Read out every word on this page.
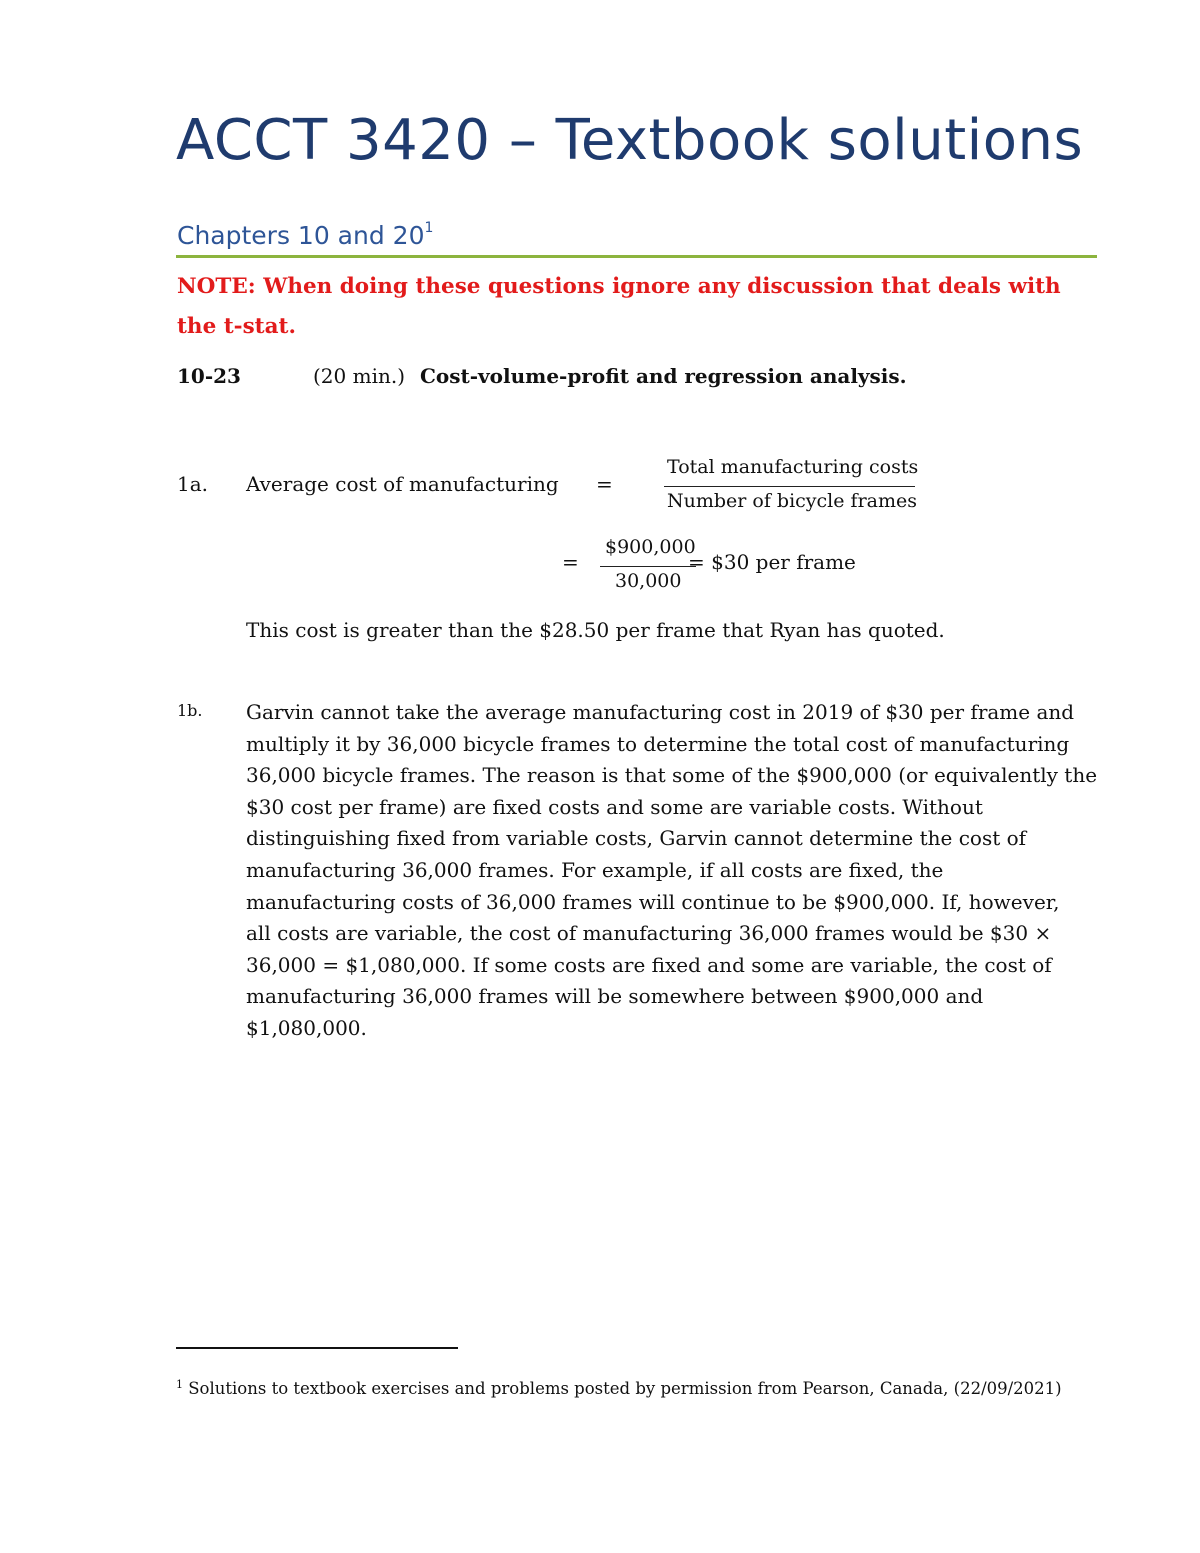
ACCT 3420 – Textbook solutions
Chapters 10 and $20^1$
NOTE: When doing these questions ignore any discussion that deals with the t-stat.
10-23	(20 min.) Cost-volume-profit and regression analysis.
1a. Average cost of manufacturing =
Total manufacturing costs
Number of bicycle frames
=
$900,000
30,000
= $30 per frame
This cost is greater than the $28.50 per frame that Ryan has quoted.
1b. Garvin cannot take the average manufacturing cost in 2019 of $30 per frame and
multiply it by 36,000 bicycle frames to determine the total cost of manufacturing
36,000 bicycle frames. The reason is that some of the $900,000 (or equivalently the
$30 cost per frame) are fixed costs and some are variable costs. Without
distinguishing fixed from variable costs, Garvin cannot determine the cost of
manufacturing 36,000 frames. For example, if all costs are fixed, the
manufacturing costs of 36,000 frames will continue to be $900,000. If, however,
all costs are variable, the cost of manufacturing 36,000 frames would be $30 ×
36,000 = $1,080,000. If some costs are fixed and some are variable, the cost of
manufacturing 36,000 frames will be somewhere between $900,000 and
$1,080,000.
$^1$ Solutions to textbook exercises and problems posted by permission from Pearson, Canada, (22/09/2021)
